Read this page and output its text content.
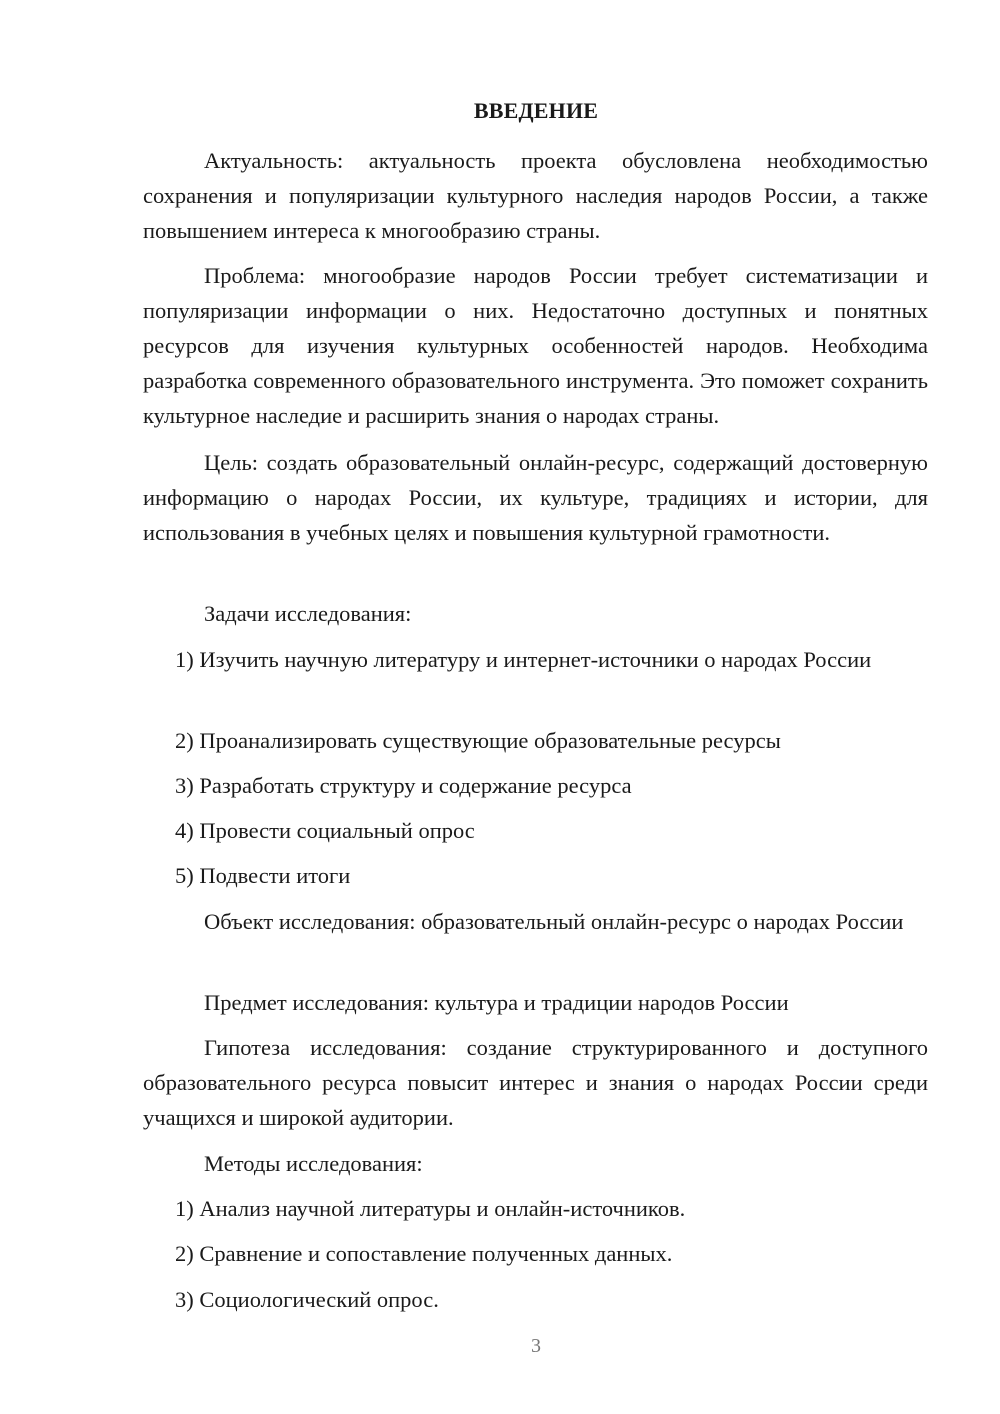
ВВЕДЕНИЕ

Актуальность: актуальность проекта обусловлена необходимостью сохранения и популяризации культурного наследия народов России, а также повышением интереса к многообразию страны.

Проблема: многообразие народов России требует систематизации и популяризации информации о них. Недостаточно доступных и понятных ресурсов для изучения культурных особенностей народов. Необходима разработка современного образовательного инструмента. Это поможет сохранить культурное наследие и расширить знания о народах страны.

Цель: создать образовательный онлайн-ресурс, содержащий достоверную информацию о народах России, их культуре, традициях и истории, для использования в учебных целях и повышения культурной грамотности.

Задачи исследования:

1) Изучить научную литературу и интернет-источники о народах России

2) Проанализировать существующие образовательные ресурсы

3) Разработать структуру и содержание ресурса

4) Провести социальный опрос

5) Подвести итоги

Объект исследования: образовательный онлайн-ресурс о народах России

Предмет исследования: культура и традиции народов России

Гипотеза исследования: создание структурированного и доступного образовательного ресурса повысит интерес и знания о народах России среди учащихся и широкой аудитории.

Методы исследования:

1) Анализ научной литературы и онлайн-источников.

2) Сравнение и сопоставление полученных данных.

3) Социологический опрос.

3
